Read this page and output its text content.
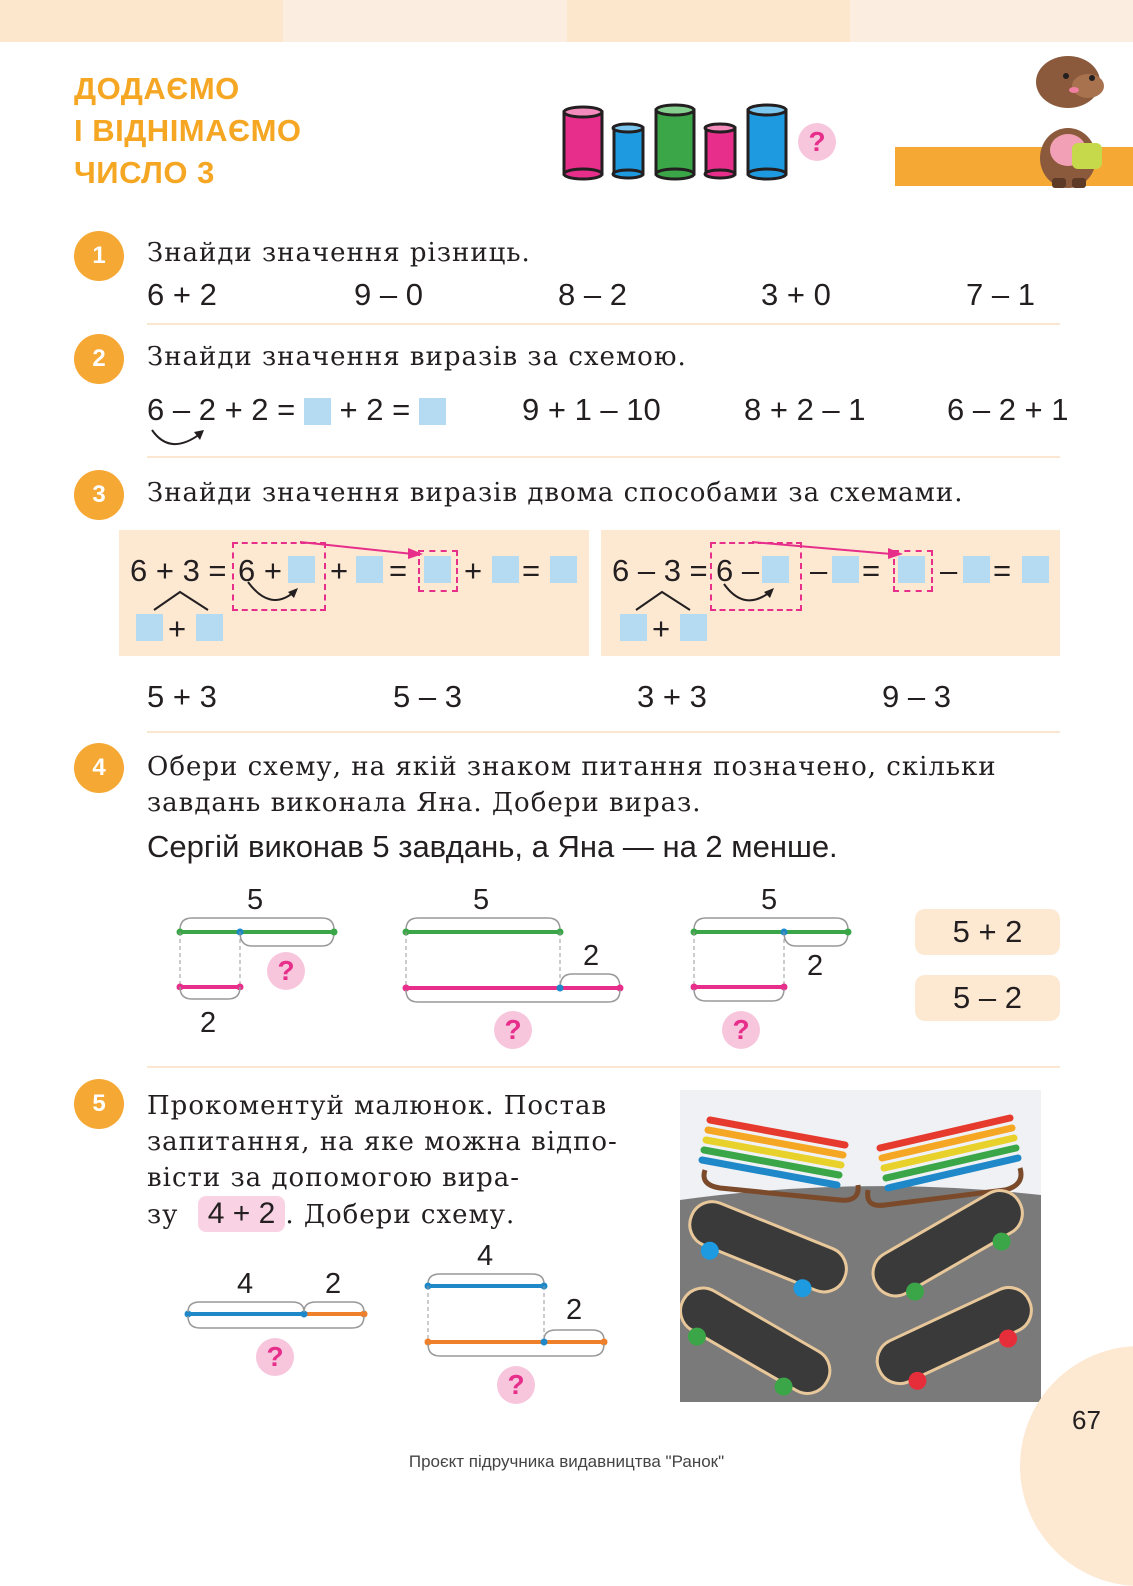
ДОДАЄМО
І ВІДНІМАЄМО
ЧИСЛО 3
?
1	Знайди значення різниць.
6 + 2	9 – 0	8 – 2	3 + 0	7 – 1
2	Знайди значення виразів за схемою.
6 – 2 + 2 = + 2 =	9 + 1 – 10	8 + 2 – 1	6 – 2 + 1
3	Знайди значення виразів двома способами за схемами.
6 + 3 = 6 + + = + =
+
6 – 3 = 6 – – = – =
+
5 + 3	5 – 3	3 + 3	9 – 3
4	Обери схему, на якій знаком питання позначено, скільки
завдань виконала Яна. Добери вираз.
Сергій виконав 5 завдань, а Яна — на 2 менше.
5
?
2
5
2
?
5
2
?
5 + 2
5 – 2
5	Прокоментуй малюнок. Постав
запитання, на яке можна відпо-
вісти за допомогою вира-
зу 4 + 2 . Добери схему.
4 2
?
4
2
?
67
Проєкт підручника видавництва "Ранок"
